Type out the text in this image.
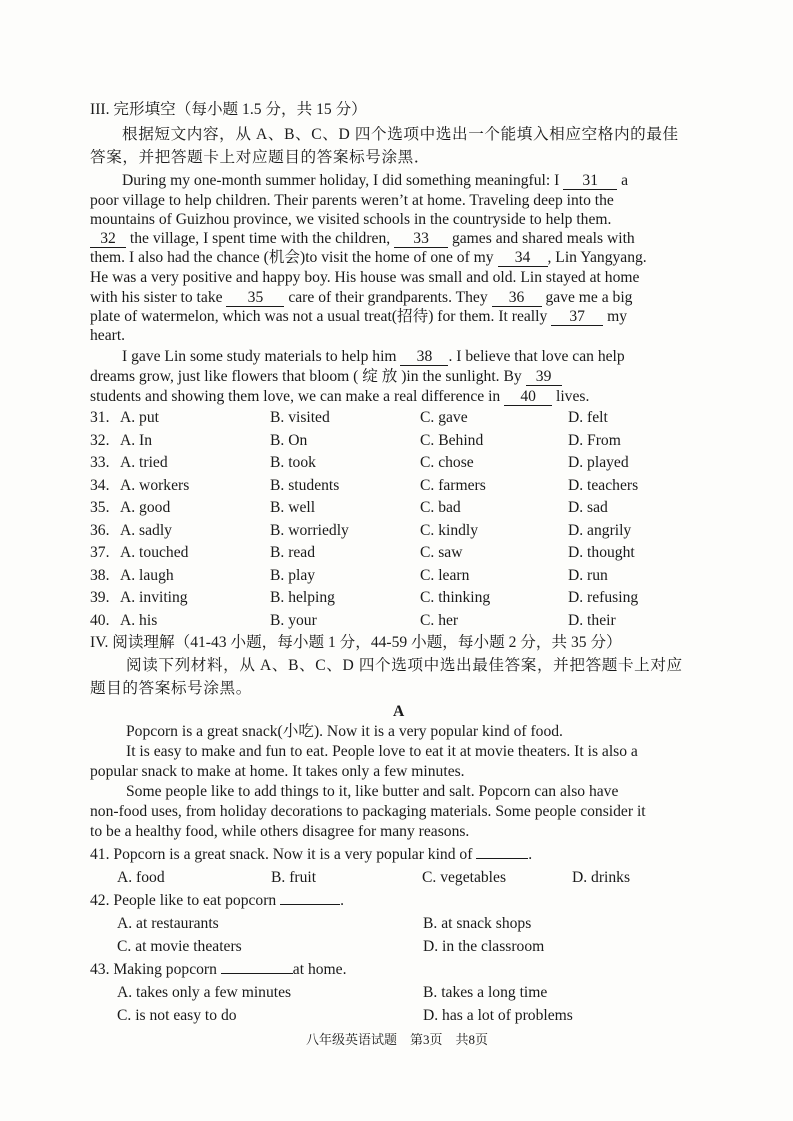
III. 完形填空（每小题 1.5 分，共 15 分）
根据短文内容，从 A、B、C、D 四个选项中选出一个能填入相应空格内的最佳
答案，并把答题卡上对应题目的答案标号涂黑．
During my one-month summer holiday, I did something meaningful: I 31 a
poor village to help children. Their parents weren’t at home. Traveling deep into the
mountains of Guizhou province, we visited schools in the countryside to help them.
32 the village, I spent time with the children, 33 games and shared meals with
them. I also had the chance (机会)to visit the home of one of my 34 , Lin Yangyang.
He was a very positive and happy boy. His house was small and old. Lin stayed at home
with his sister to take 35 care of their grandparents. They 36 gave me a big
plate of watermelon, which was not a usual treat(招待) for them. It really 37 my
heart.
I gave Lin some study materials to help him 38 . I believe that love can help
dreams grow, just like flowers that bloom ( 绽 放 )in the sunlight. By 39
students and showing them love, we can make a real difference in 40 lives.
31. A. put	B. visited	C. gave	D. felt
32. A. In	B. On	C. Behind	D. From
33. A. tried	B. took	C. chose	D. played
34. A. workers	B. students	C. farmers	D. teachers
35. A. good	B. well	C. bad	D. sad
36. A. sadly	B. worriedly	C. kindly	D. angrily
37. A. touched	B. read	C. saw	D. thought
38. A. laugh	B. play	C. learn	D. run
39. A. inviting	B. helping	C. thinking	D. refusing
40. A. his	B. your	C. her	D. their
IV. 阅读理解（41-43 小题，每小题 1 分，44-59 小题，每小题 2 分，共 35 分）
阅读下列材料，从 A、B、C、D 四个选项中选出最佳答案，并把答题卡上对应
题目的答案标号涂黑。
A
Popcorn is a great snack(小吃). Now it is a very popular kind of food.
It is easy to make and fun to eat. People love to eat it at movie theaters. It is also a
popular snack to make at home. It takes only a few minutes.
Some people like to add things to it, like butter and salt. Popcorn can also have
non-food uses, from holiday decorations to packaging materials. Some people consider it
to be a healthy food, while others disagree for many reasons.
41. Popcorn is a great snack. Now it is a very popular kind of	.
A. food	B. fruit	C. vegetables	D. drinks
42. People like to eat popcorn	.
A. at restaurants	B. at snack shops
C. at movie theaters	D. in the classroom
43. Making popcorn	at home.
A. takes only a few minutes	B. takes a long time
C. is not easy to do	D. has a lot of problems
八年级英语试题　第3页　共8页
